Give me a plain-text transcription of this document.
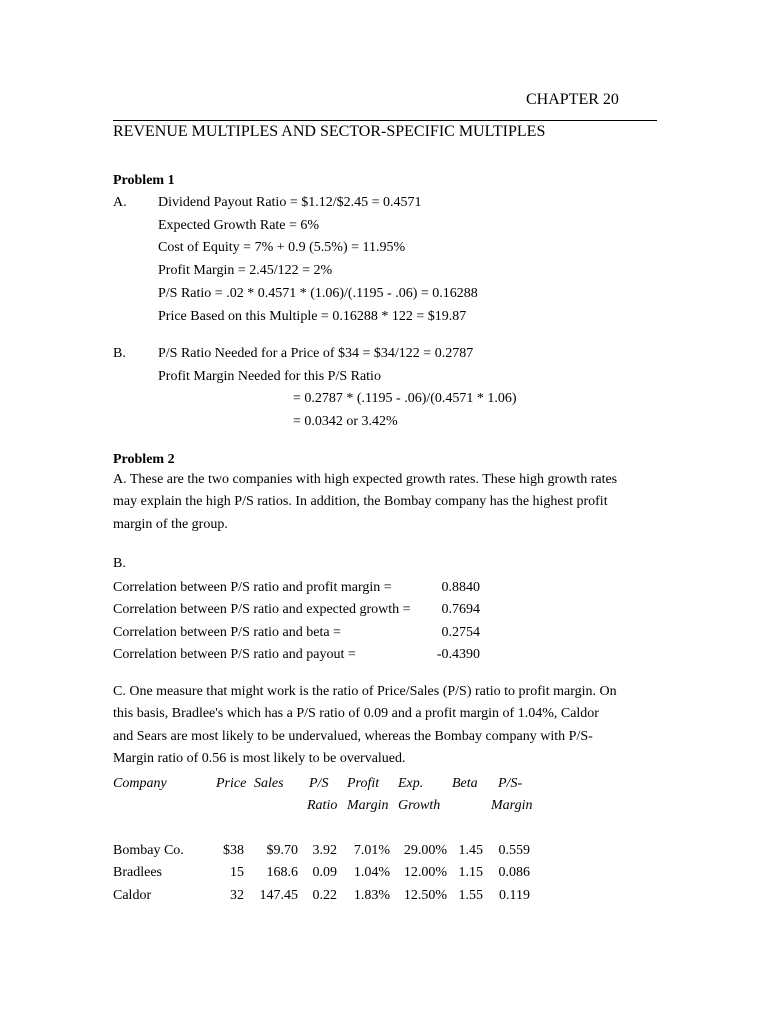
CHAPTER 20
REVENUE MULTIPLES AND SECTOR-SPECIFIC MULTIPLES
Problem 1
A. Dividend Payout Ratio = $1.12/$2.45 = 0.4571
Expected Growth Rate = 6%
Cost of Equity = 7% + 0.9 (5.5%) = 11.95%
Profit Margin = 2.45/122 = 2%
P/S Ratio = .02 * 0.4571 * (1.06)/(.1195 - .06) = 0.16288
Price Based on this Multiple = 0.16288 * 122 = $19.87
B. P/S Ratio Needed for a Price of $34 = $34/122 = 0.2787
Profit Margin Needed for this P/S Ratio
= 0.2787 * (.1195 - .06)/(0.4571 * 1.06)
= 0.0342 or 3.42%
Problem 2
A. These are the two companies with high expected growth rates. These high growth rates
may explain the high P/S ratios. In addition, the Bombay company has the highest profit
margin of the group.
B.
Correlation between P/S ratio and profit margin =	0.8840
Correlation between P/S ratio and expected growth =	0.7694
Correlation between P/S ratio and beta =	0.2754
Correlation between P/S ratio and payout =	-0.4390
C. One measure that might work is the ratio of Price/Sales (P/S) ratio to profit margin. On
this basis, Bradlee's which has a P/S ratio of 0.09 and a profit margin of 1.04%, Caldor
and Sears are most likely to be undervalued, whereas the Bombay company with P/S-
Margin ratio of 0.56 is most likely to be overvalued.
Company	Price Sales P/S Profit Exp. Beta P/S-
Ratio Margin Growth	Margin
Bombay Co.	$38	$9.70	3.92	7.01% 29.00% 1.45	0.559
Bradlees	15	168.6	0.09	1.04% 12.00% 1.15	0.086
Caldor	32	147.45	0.22	1.83% 12.50% 1.55	0.119
